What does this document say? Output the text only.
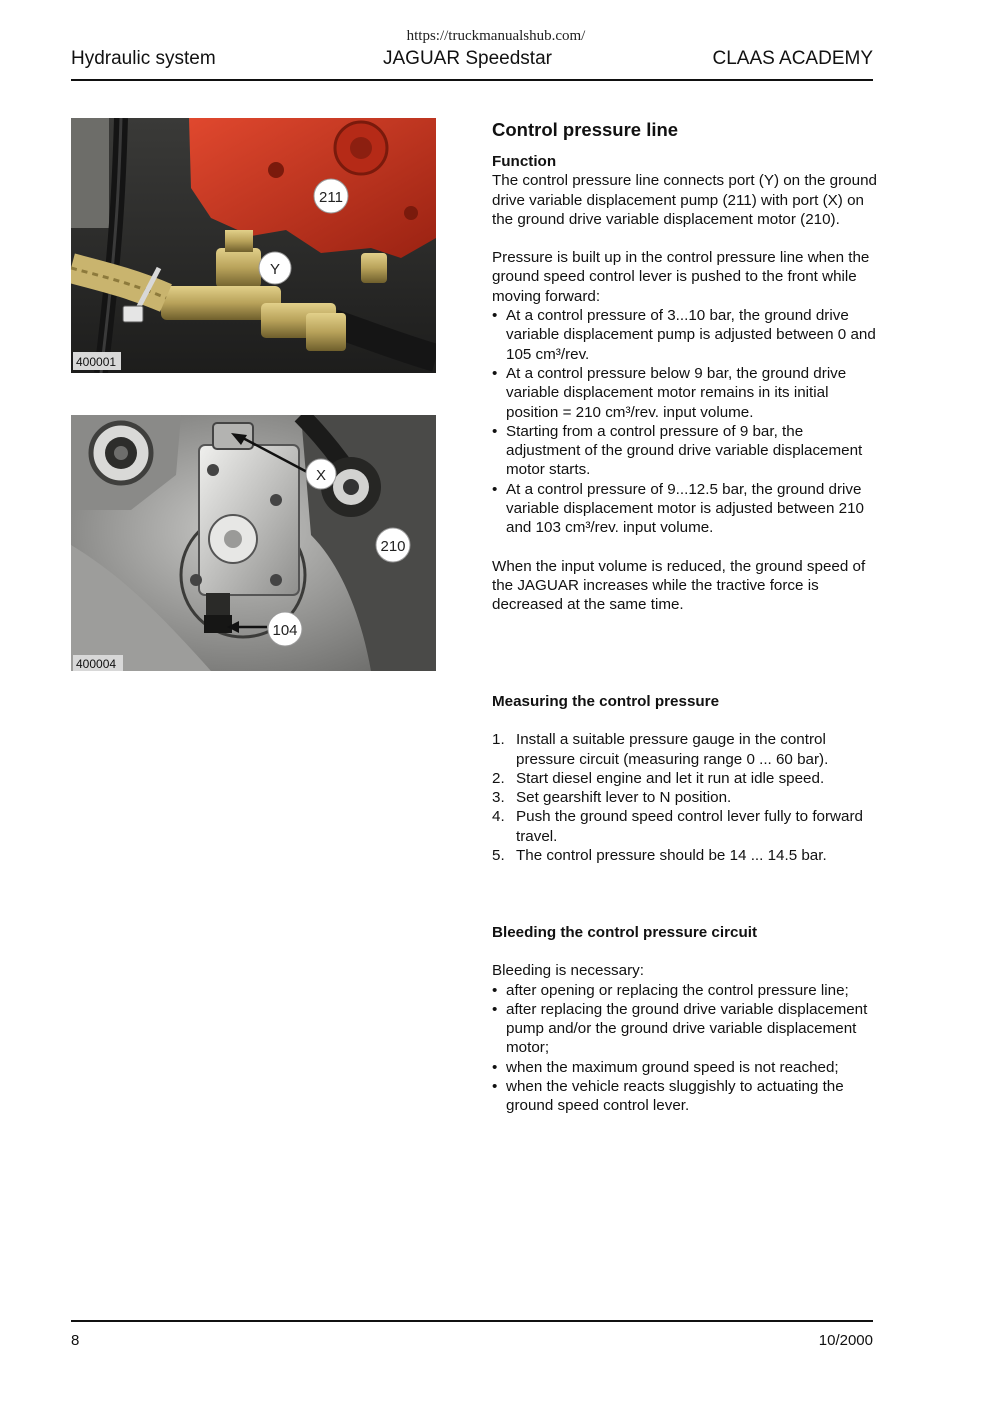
https://truckmanualshub.com/
Hydraulic system	JAGUAR Speedstar	CLAAS ACADEMY
211
Y
400001
X
210
104
400004
Control pressure line
Function

The control pressure line connects port (Y) on the ground drive variable displacement pump (211) with port (X) on the ground drive variable displacement motor (210).

Pressure is built up in the control pressure line when the ground speed control lever is pushed to the front while moving forward:

• At a control pressure of 3...10 bar, the ground drive variable displacement pump is adjusted between 0 and 105 cm³/rev.
• At a control pressure below 9 bar, the ground drive variable displacement motor remains in its initial position = 210 cm³/rev. input volume.
• Starting from a control pressure of 9 bar, the adjustment of the ground drive variable displacement motor starts.
• At a control pressure of 9...12.5 bar, the ground drive variable displacement motor is adjusted between 210 and 103 cm³/rev. input volume.

When the input volume is reduced, the ground speed of the JAGUAR increases while the tractive force is decreased at the same time.

Measuring the control pressure
1. Install a suitable pressure gauge in the control pressure circuit (measuring range 0 ... 60 bar).
2. Start diesel engine and let it run at idle speed.
3. Set gearshift lever to N position.
4. Push the ground speed control lever fully to forward travel.
5. The control pressure should be 14 ... 14.5 bar.
Bleeding the control pressure circuit

Bleeding is necessary:

• after opening or replacing the control pressure line;
• after replacing the ground drive variable displacement pump and/or the ground drive variable displacement motor;
• when the maximum ground speed is not reached;
• when the vehicle reacts sluggishly to actuating the ground speed control lever.
8	10/2000
